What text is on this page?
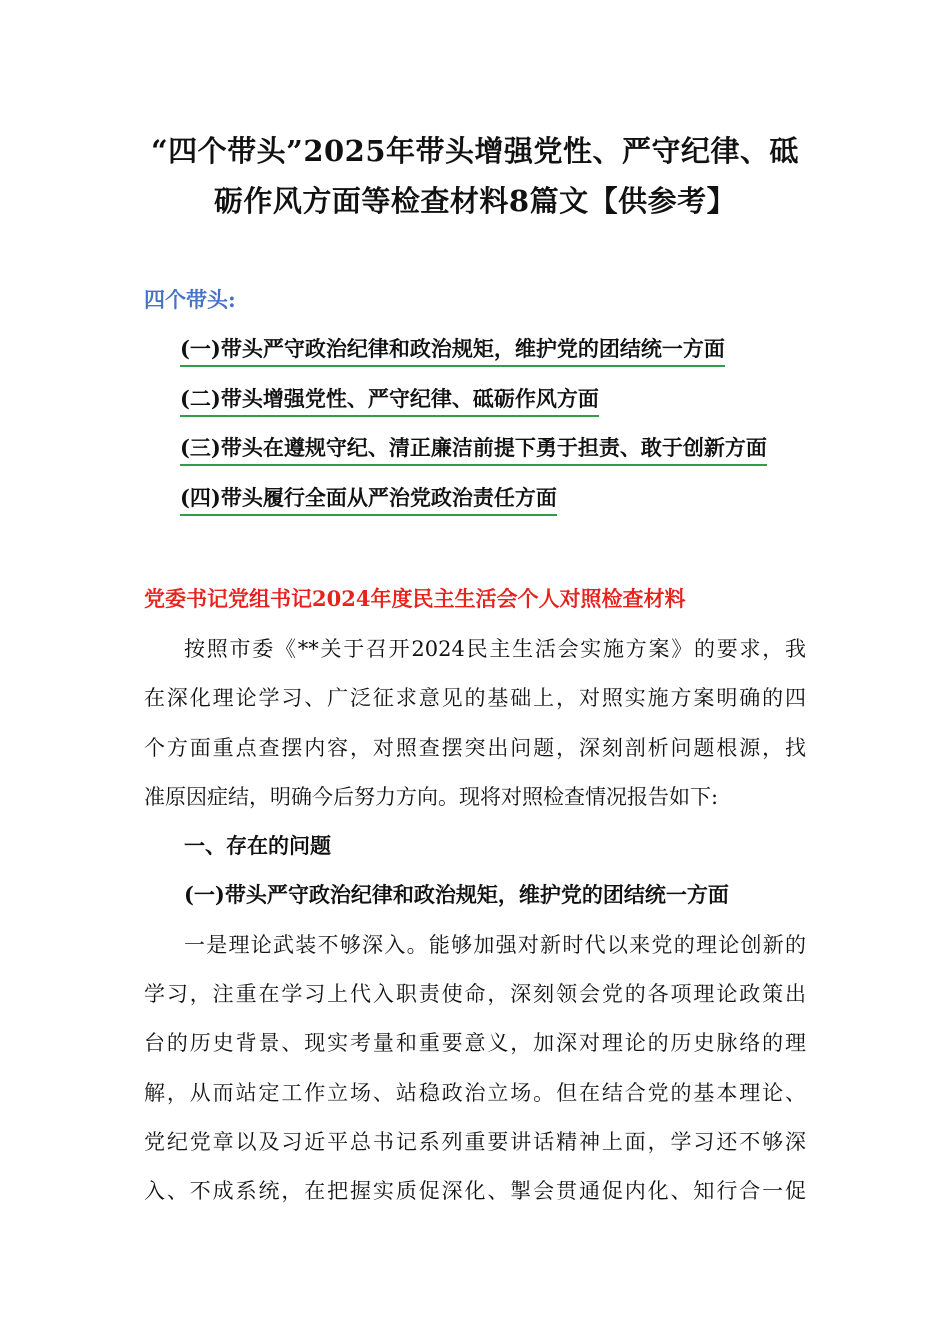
“四个带头”2025年带头增强党性、严守纪律、砥
砺作风方面等检查材料8篇文【供参考】
四个带头:
(一)带头严守政治纪律和政治规矩，维护党的团结统一方面
(二)带头增强党性、严守纪律、砥砺作风方面
(三)带头在遵规守纪、清正廉洁前提下勇于担责、敢于创新方面
(四)带头履行全面从严治党政治责任方面
党委书记党组书记2024年度民主生活会个人对照检查材料
按照市委《**关于召开2024民主生活会实施方案》的要求，我
在深化理论学习、广泛征求意见的基础上，对照实施方案明确的四
个方面重点查摆内容，对照查摆突出问题，深刻剖析问题根源，找
准原因症结，明确今后努力方向。现将对照检查情况报告如下:
一、存在的问题
(一)带头严守政治纪律和政治规矩，维护党的团结统一方面
一是理论武装不够深入。能够加强对新时代以来党的理论创新的
学习，注重在学习上代入职责使命，深刻领会党的各项理论政策出
台的历史背景、现实考量和重要意义，加深对理论的历史脉络的理
解，从而站定工作立场、站稳政治立场。但在结合党的基本理论、
党纪党章以及习近平总书记系列重要讲话精神上面，学习还不够深
入、不成系统，在把握实质促深化、掣会贯通促内化、知行合一促
